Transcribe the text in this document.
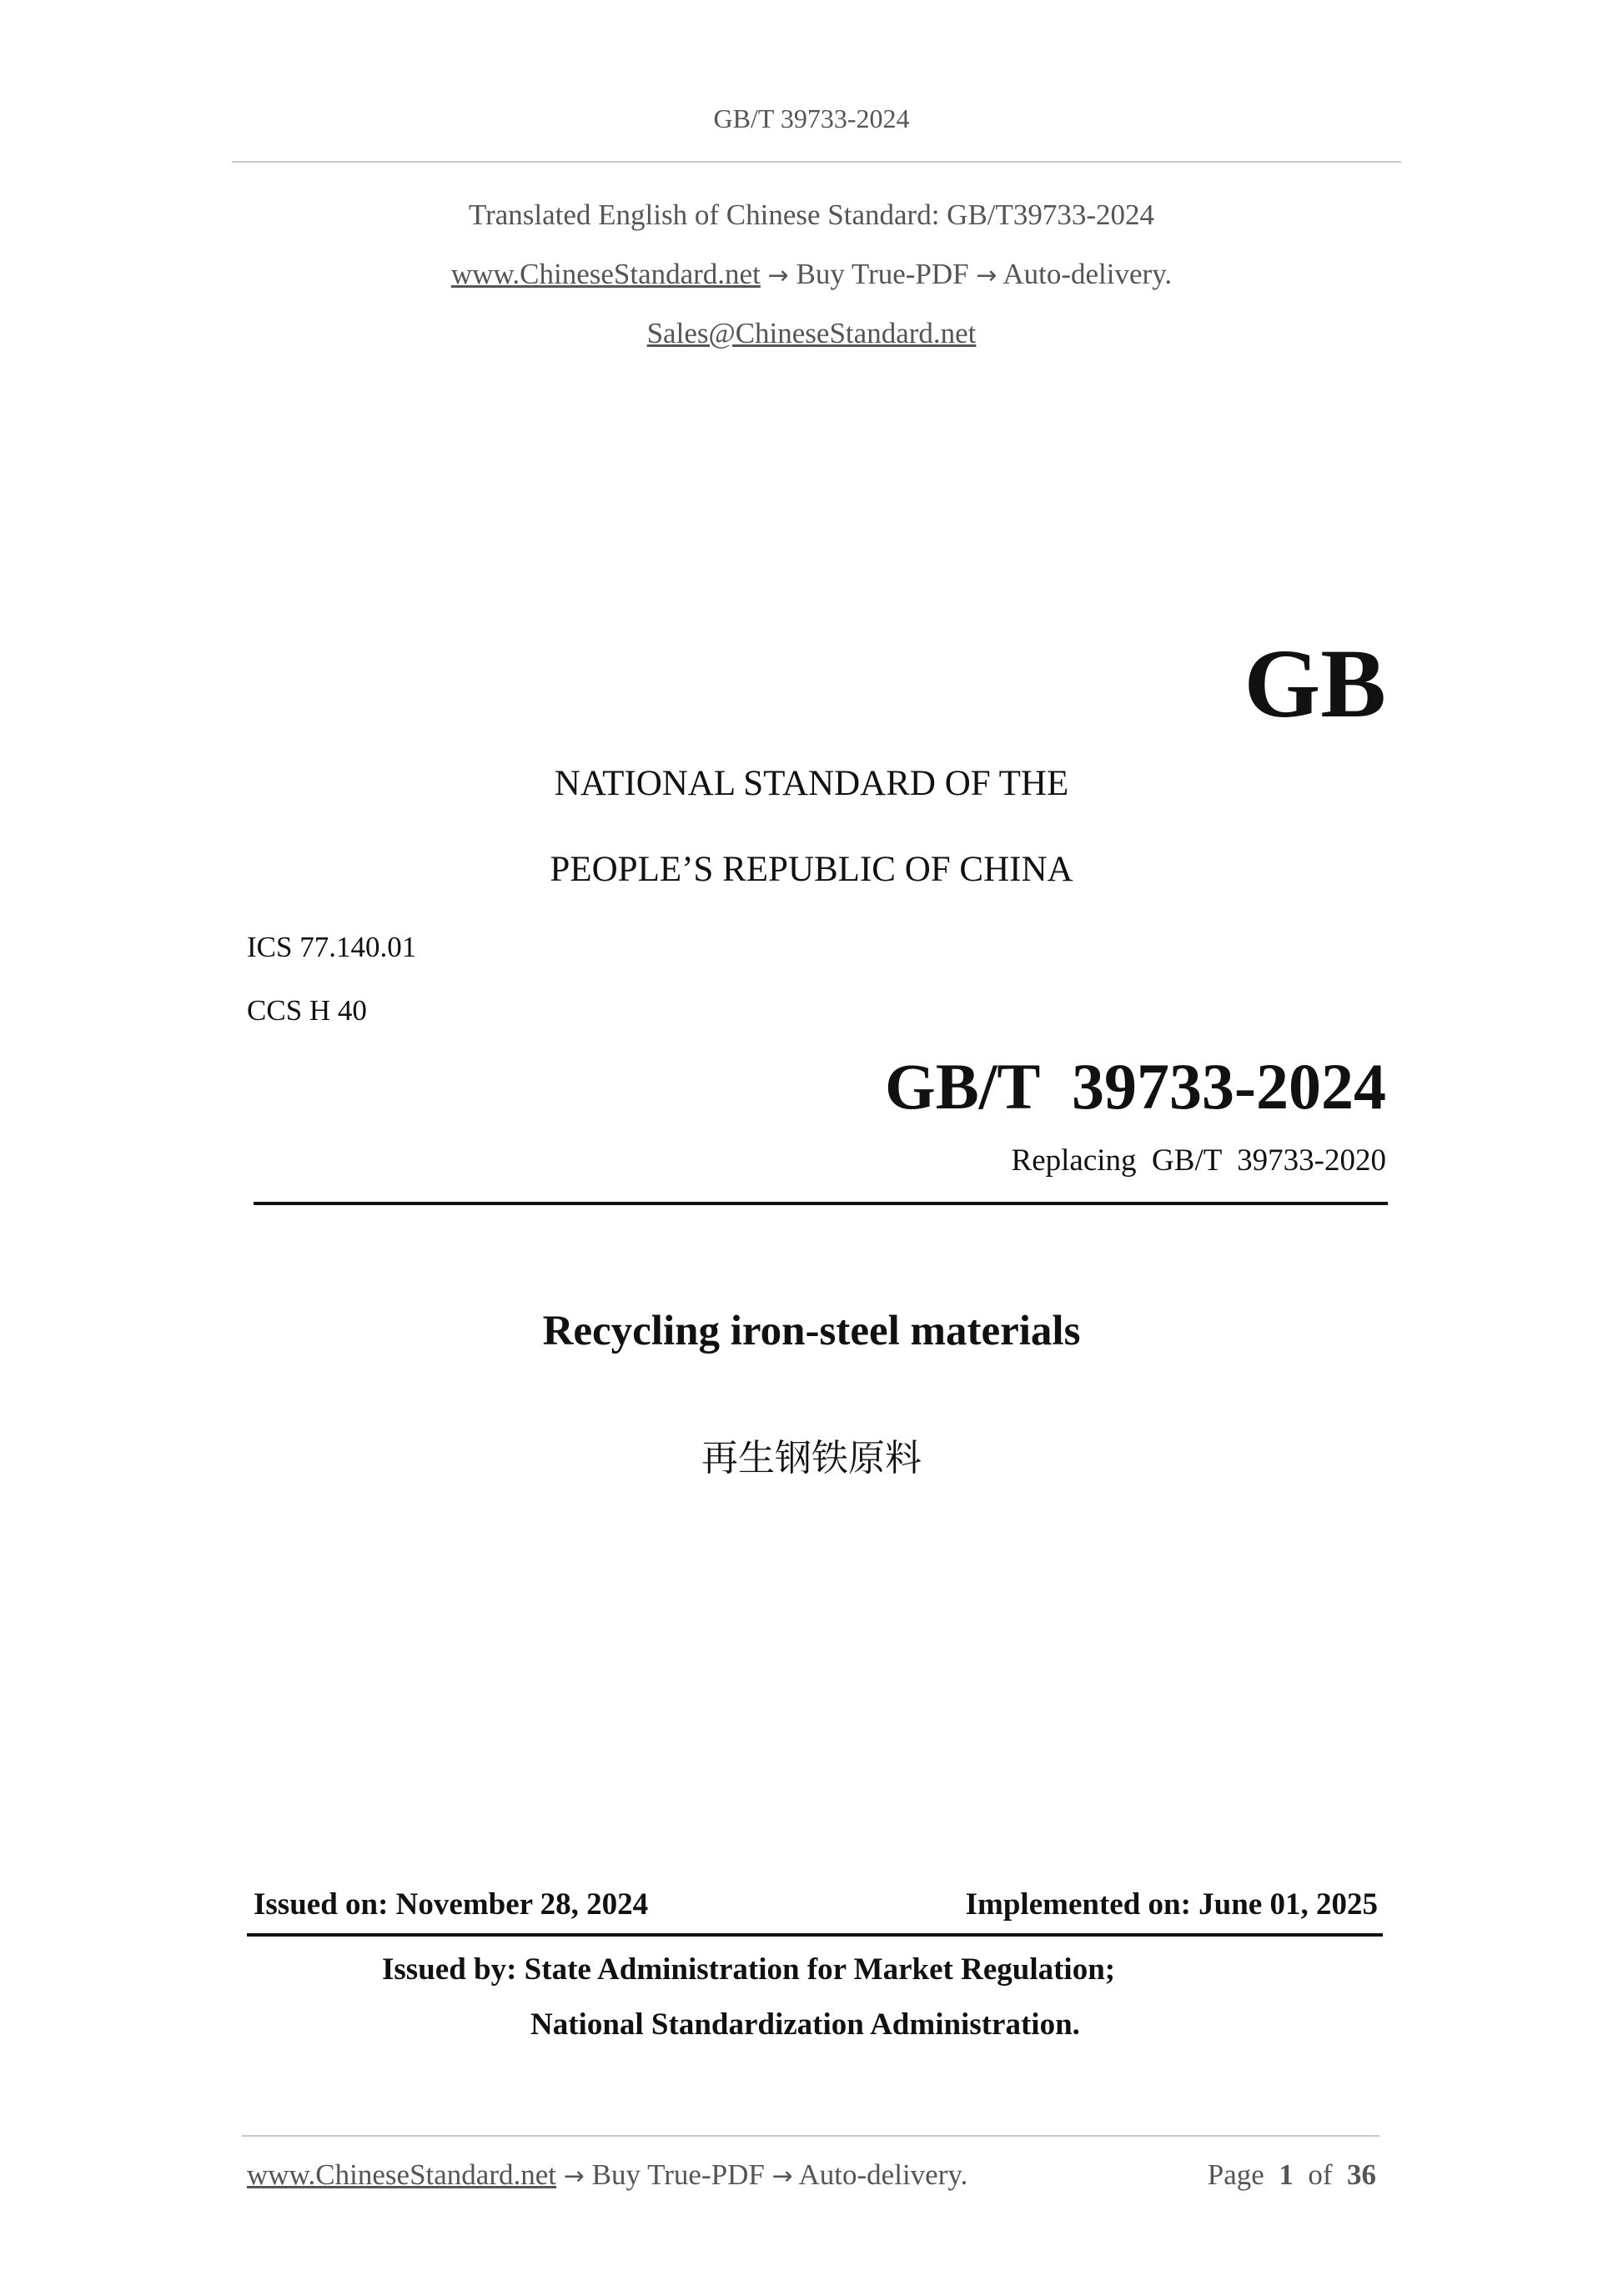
GB/T 39733-2024
Translated English of Chinese Standard: GB/T39733-2024
www.ChineseStandard.net → Buy True-PDF → Auto-delivery.
Sales@ChineseStandard.net
GB
NATIONAL STANDARD OF THE
PEOPLE’S REPUBLIC OF CHINA
ICS 77.140.01
CCS H 40
GB/T  39733-2024
Replacing  GB/T  39733-2020
Recycling iron-steel materials
再生钢铁原料
Issued on: November 28, 2024	Implemented on: June 01, 2025
Issued by: State Administration for Market Regulation;
National Standardization Administration.
www.ChineseStandard.net → Buy True-PDF → Auto-delivery.	Page 1 of 36
